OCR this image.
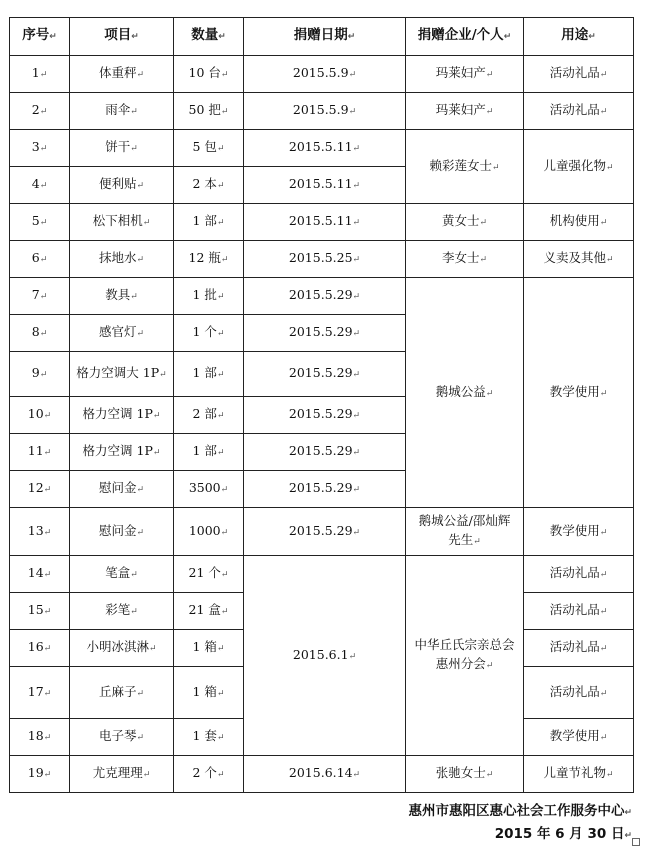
序号↵	项目↵	数量↵	捐赠日期↵	捐赠企业/个人↵	用途↵
1↵	体重秤↵	10 台↵	2015.5.9↵	玛莱妇产↵	活动礼品↵
2↵	雨伞↵	50 把↵	2015.5.9↵	玛莱妇产↵	活动礼品↵
3↵	饼干↵	5 包↵	2015.5.11↵	赖彩莲女士↵	儿童强化物↵
4↵	便利贴↵	2 本↵	2015.5.11↵		
5↵	松下相机↵	1 部↵	2015.5.11↵	黄女士↵	机构使用↵
6↵	抹地水↵	12 瓶↵	2015.5.25↵	李女士↵	义卖及其他↵
7↵	教具↵	1 批↵	2015.5.29↵	鹅城公益↵	教学使用↵
8↵	感官灯↵	1 个↵	2015.5.29↵		
9↵	格力空调大 1P↵	1 部↵	2015.5.29↵		
10↵	格力空调 1P↵	2 部↵	2015.5.29↵		
11↵	格力空调 1P↵	1 部↵	2015.5.29↵		
12↵	慰问金↵	3500↵	2015.5.29↵		
13↵	慰问金↵	1000↵	2015.5.29↵	鹅城公益/邵灿辉先生↵	教学使用↵
14↵	笔盒↵	21 个↵	2015.6.1↵	中华丘氏宗亲总会惠州分会↵	活动礼品↵
15↵	彩笔↵	21 盒↵			活动礼品↵
16↵	小明冰淇淋↵	1 箱↵			活动礼品↵
17↵	丘麻子↵	1 箱↵			活动礼品↵
18↵	电子琴↵	1 套↵			教学使用↵
19↵	尤克理理↵	2 个↵	2015.6.14↵	张驰女士↵	儿童节礼物↵
惠州市惠阳区惠心社会工作服务中心↵
2015 年 6 月 30 日↵
